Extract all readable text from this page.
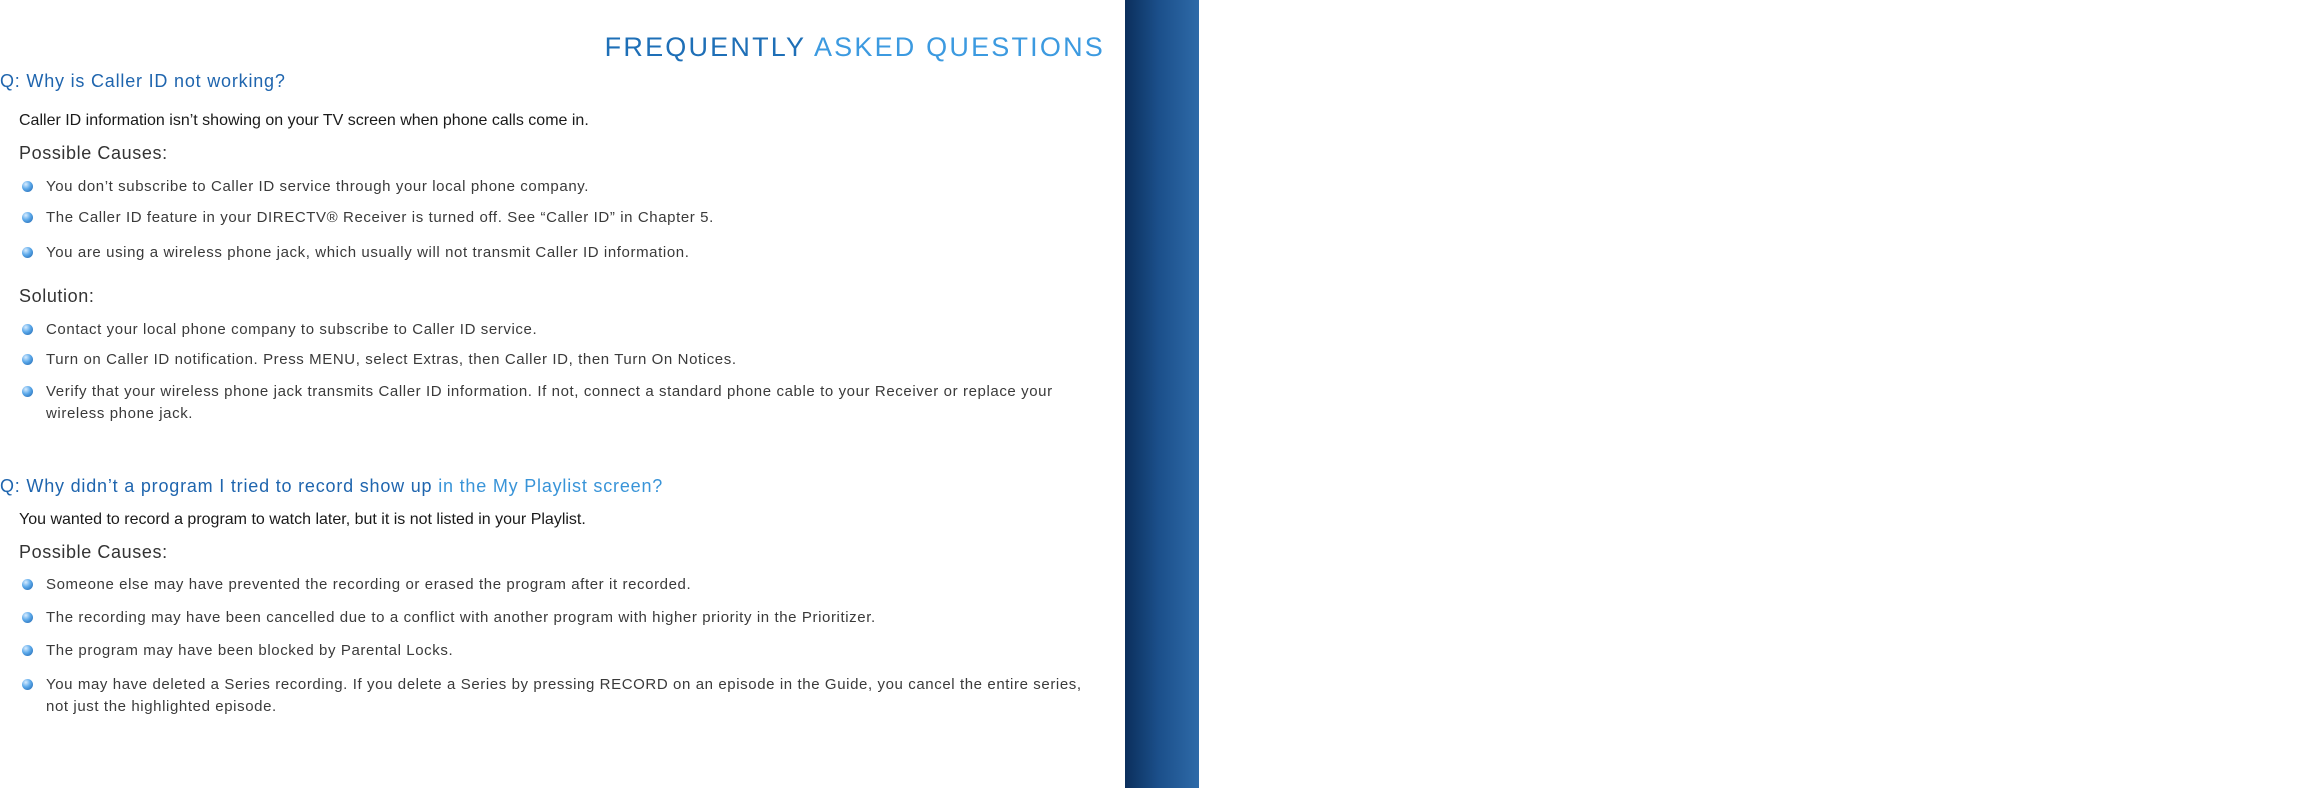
CHAPTER 8 - TROUBLESHOOTING & FAQS
123
FREQUENTLY ASKED QUESTIONS
Q: Why is Caller ID not working?
Caller ID information isn’t showing on your TV screen when phone calls come in.
Possible Causes:
You don’t subscribe to Caller ID service through your local phone company.
The Caller ID feature in your DIRECTV® Receiver is turned off. See “Caller ID” in Chapter 5.
You are using a wireless phone jack, which usually will not transmit Caller ID information.
Solution:
Contact your local phone company to subscribe to Caller ID service.
Turn on Caller ID notification. Press MENU, select Extras, then Caller ID, then Turn On Notices.
Verify that your wireless phone jack transmits Caller ID information. If not, connect a standard phone cable to your Receiver or replace your wireless phone jack.
Q: Why didn’t a program I tried to record show up in the My Playlist screen?
You wanted to record a program to watch later, but it is not listed in your Playlist.
Possible Causes:
Someone else may have prevented the recording or erased the program after it recorded.
The recording may have been cancelled due to a conflict with another program with higher priority in the Prioritizer.
The program may have been blocked by Parental Locks.
You may have deleted a Series recording. If you delete a Series by pressing RECORD on an episode in the Guide, you cancel the entire series, not just the highlighted episode.
